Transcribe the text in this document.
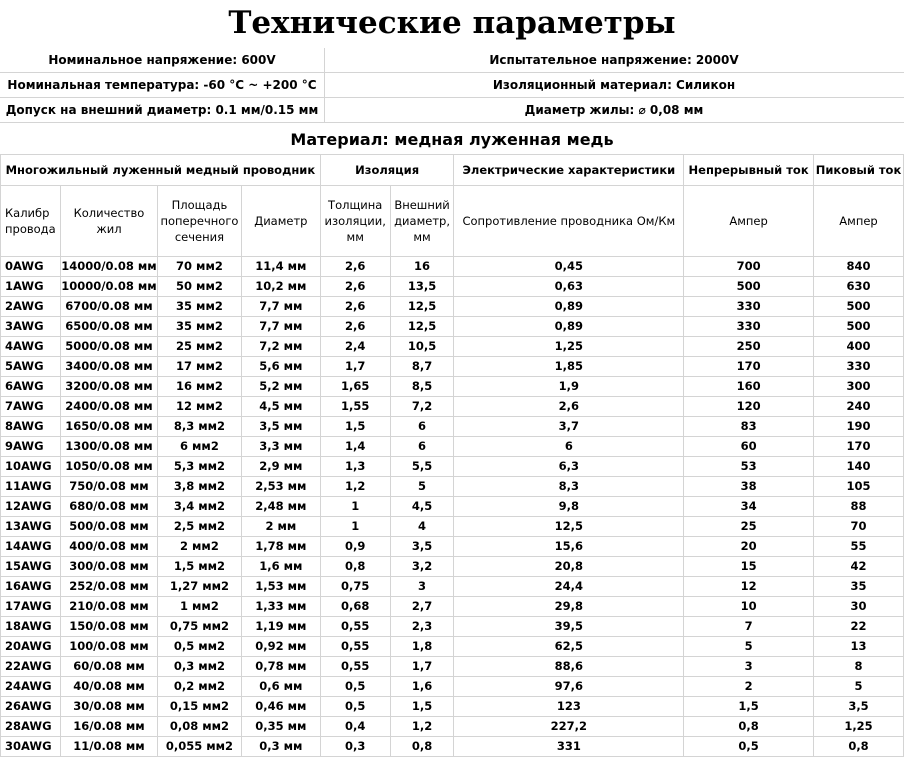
Технические параметры
Номинальное напряжение: 600V	Испытательное напряжение: 2000V
Номинальная температура: -60 °C ~ +200 °C	Изоляционный материал: Силикон
Допуск на внешний диаметр: 0.1 мм/0.15 мм	Диаметр жилы: ⌀ 0,08 мм
Материал: медная луженная медь
Многожильный луженный медный проводник				Изоляция		Электрические характеристики	Непрерывный ток	Пиковый ток
Калибр провода	Количество жил	Площадь поперечного сечения	Диаметр	Толщина изоляции, мм	Внешний диаметр, мм	Сопротивление проводника Ом/Км	Ампер	Ампер
0AWG	14000/0.08 мм	70 мм2	11,4 мм	2,6	16	0,45	700	840
1AWG	10000/0.08 мм	50 мм2	10,2 мм	2,6	13,5	0,63	500	630
2AWG	6700/0.08 мм	35 мм2	7,7 мм	2,6	12,5	0,89	330	500
3AWG	6500/0.08 мм	35 мм2	7,7 мм	2,6	12,5	0,89	330	500
4AWG	5000/0.08 мм	25 мм2	7,2 мм	2,4	10,5	1,25	250	400
5AWG	3400/0.08 мм	17 мм2	5,6 мм	1,7	8,7	1,85	170	330
6AWG	3200/0.08 мм	16 мм2	5,2 мм	1,65	8,5	1,9	160	300
7AWG	2400/0.08 мм	12 мм2	4,5 мм	1,55	7,2	2,6	120	240
8AWG	1650/0.08 мм	8,3 мм2	3,5 мм	1,5	6	3,7	83	190
9AWG	1300/0.08 мм	6 мм2	3,3 мм	1,4	6	6	60	170
10AWG	1050/0.08 мм	5,3 мм2	2,9 мм	1,3	5,5	6,3	53	140
11AWG	750/0.08 мм	3,8 мм2	2,53 мм	1,2	5	8,3	38	105
12AWG	680/0.08 мм	3,4 мм2	2,48 мм	1	4,5	9,8	34	88
13AWG	500/0.08 мм	2,5 мм2	2 мм	1	4	12,5	25	70
14AWG	400/0.08 мм	2 мм2	1,78 мм	0,9	3,5	15,6	20	55
15AWG	300/0.08 мм	1,5 мм2	1,6 мм	0,8	3,2	20,8	15	42
16AWG	252/0.08 мм	1,27 мм2	1,53 мм	0,75	3	24,4	12	35
17AWG	210/0.08 мм	1 мм2	1,33 мм	0,68	2,7	29,8	10	30
18AWG	150/0.08 мм	0,75 мм2	1,19 мм	0,55	2,3	39,5	7	22
20AWG	100/0.08 мм	0,5 мм2	0,92 мм	0,55	1,8	62,5	5	13
22AWG	60/0.08 мм	0,3 мм2	0,78 мм	0,55	1,7	88,6	3	8
24AWG	40/0.08 мм	0,2 мм2	0,6 мм	0,5	1,6	97,6	2	5
26AWG	30/0.08 мм	0,15 мм2	0,46 мм	0,5	1,5	123	1,5	3,5
28AWG	16/0.08 мм	0,08 мм2	0,35 мм	0,4	1,2	227,2	0,8	1,25
30AWG	11/0.08 мм	0,055 мм2	0,3 мм	0,3	0,8	331	0,5	0,8
